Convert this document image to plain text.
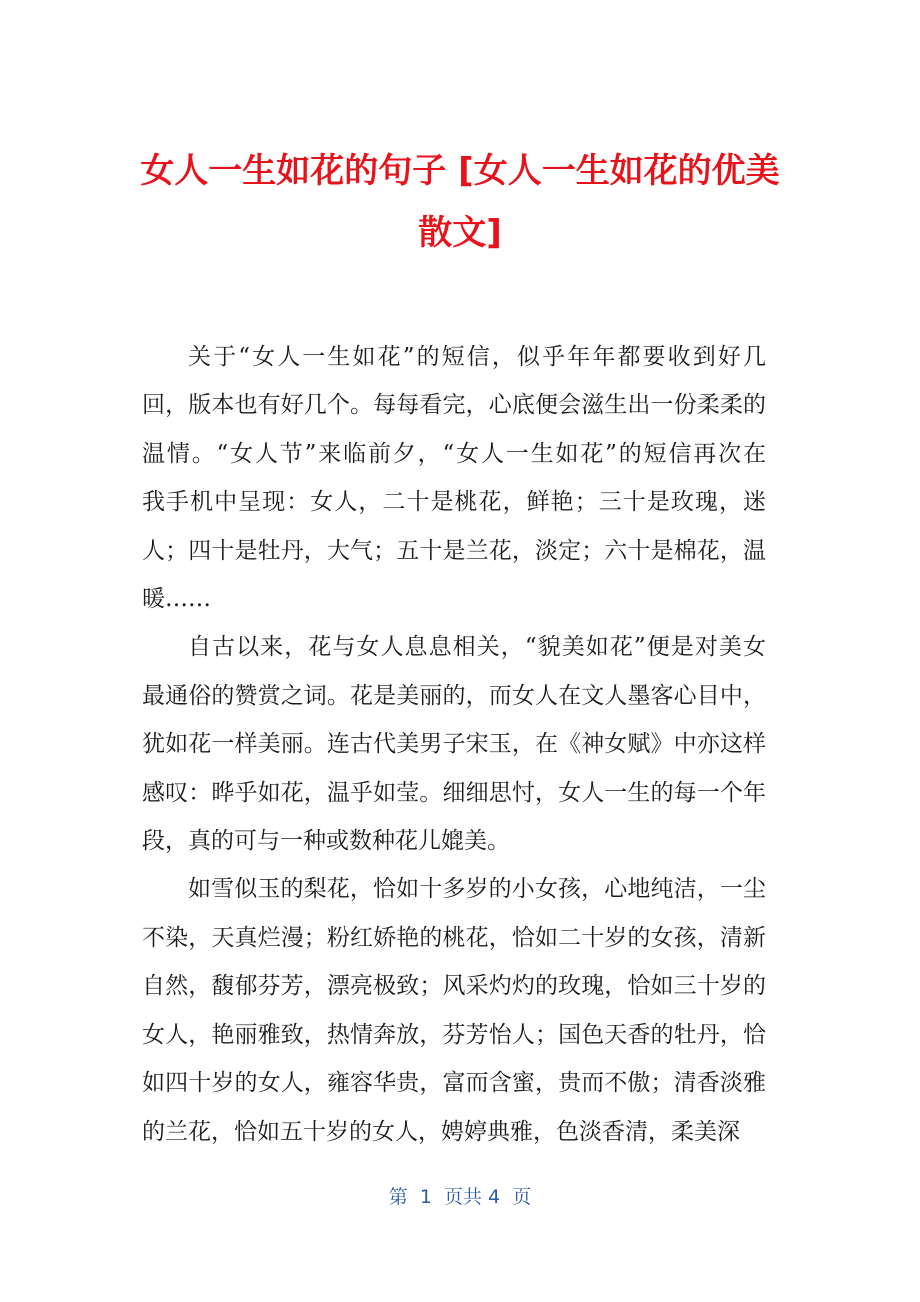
女人一生如花的句子 [女人一生如花的优美
散文]

关于“女人一生如花”的短信，似乎年年都要收到好几
回，版本也有好几个。每每看完，心底便会滋生出一份柔柔的
温情。“女人节”来临前夕，“女人一生如花”的短信再次在
我手机中呈现：女人，二十是桃花，鲜艳；三十是玫瑰，迷
人；四十是牡丹，大气；五十是兰花，淡定；六十是棉花，温
暖……

自古以来，花与女人息息相关，“貌美如花”便是对美女
最通俗的赞赏之词。花是美丽的，而女人在文人墨客心目中，
犹如花一样美丽。连古代美男子宋玉，在《神女赋》中亦这样
感叹：晔乎如花，温乎如莹。细细思忖，女人一生的每一个年
段，真的可与一种或数种花儿媲美。

如雪似玉的梨花，恰如十多岁的小女孩，心地纯洁，一尘
不染，天真烂漫；粉红娇艳的桃花，恰如二十岁的女孩，清新
自然，馥郁芬芳，漂亮极致；风采灼灼的玫瑰，恰如三十岁的
女人，艳丽雅致，热情奔放，芬芳怡人；国色天香的牡丹，恰
如四十岁的女人，雍容华贵，富而含蜜，贵而不傲；清香淡雅
的兰花，恰如五十岁的女人，娉婷典雅，色淡香清，柔美深

第  1  页共 4  页
